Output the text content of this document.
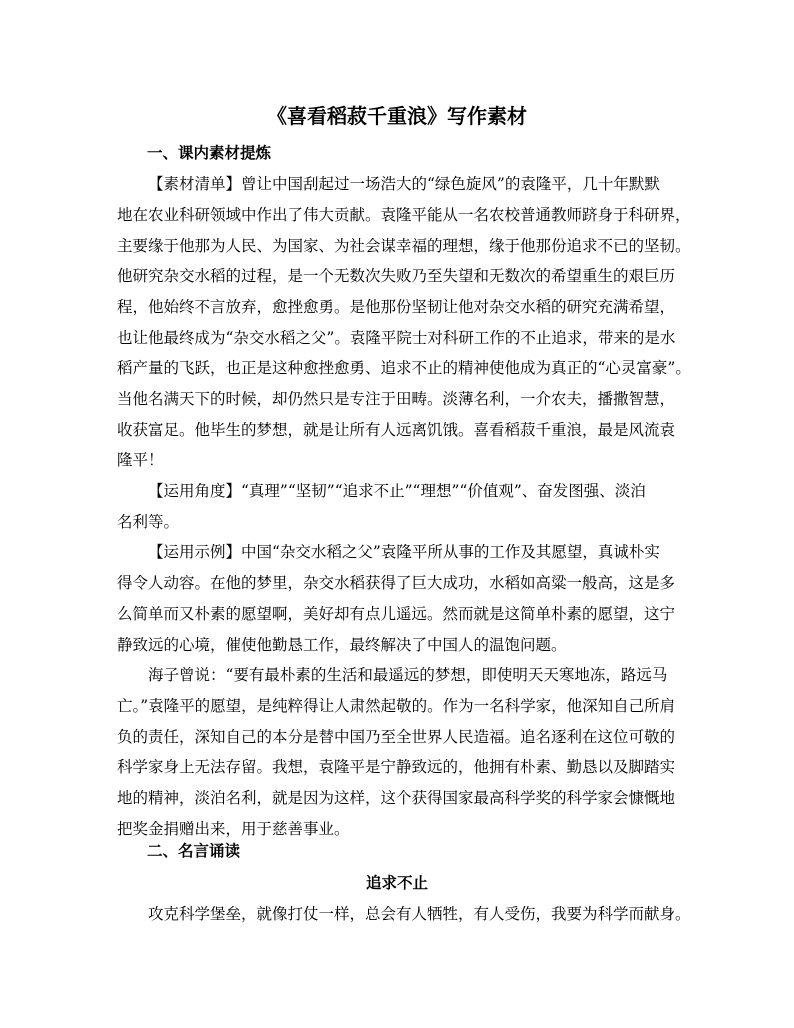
《喜看稻菽千重浪》写作素材
一、课内素材提炼
【素材清单】曾让中国刮起过一场浩大的“绿色旋风”的袁隆平，几十年默默
地在农业科研领域中作出了伟大贡献。袁隆平能从一名农校普通教师跻身于科研界，
主要缘于他那为人民、为国家、为社会谋幸福的理想，缘于他那份追求不已的坚韧。
他研究杂交水稻的过程，是一个无数次失败乃至失望和无数次的希望重生的艰巨历
程，他始终不言放弃，愈挫愈勇。是他那份坚韧让他对杂交水稻的研究充满希望，
也让他最终成为“杂交水稻之父”。袁隆平院士对科研工作的不止追求，带来的是水
稻产量的飞跃，也正是这种愈挫愈勇、追求不止的精神使他成为真正的“心灵富豪”。
当他名满天下的时候，却仍然只是专注于田畴。淡薄名利，一介农夫，播撒智慧，
收获富足。他毕生的梦想，就是让所有人远离饥饿。喜看稻菽千重浪，最是风流袁
隆平！
【运用角度】“真理”“坚韧”“追求不止”“理想”“价值观”、奋发图强、淡泊
名利等。
【运用示例】中国“杂交水稻之父”袁隆平所从事的工作及其愿望，真诚朴实
得令人动容。在他的梦里，杂交水稻获得了巨大成功，水稻如高粱一般高，这是多
么简单而又朴素的愿望啊，美好却有点儿遥远。然而就是这简单朴素的愿望，这宁
静致远的心境，催使他勤恳工作，最终解决了中国人的温饱问题。
海子曾说：“要有最朴素的生活和最遥远的梦想，即使明天天寒地冻，路远马
亡。”袁隆平的愿望，是纯粹得让人肃然起敬的。作为一名科学家，他深知自己所肩
负的责任，深知自己的本分是替中国乃至全世界人民造福。追名逐利在这位可敬的
科学家身上无法存留。我想，袁隆平是宁静致远的，他拥有朴素、勤恳以及脚踏实
地的精神，淡泊名利，就是因为这样，这个获得国家最高科学奖的科学家会慷慨地
把奖金捐赠出来，用于慈善事业。
二、名言诵读
追求不止
攻克科学堡垒，就像打仗一样，总会有人牺牲，有人受伤，我要为科学而献身。
